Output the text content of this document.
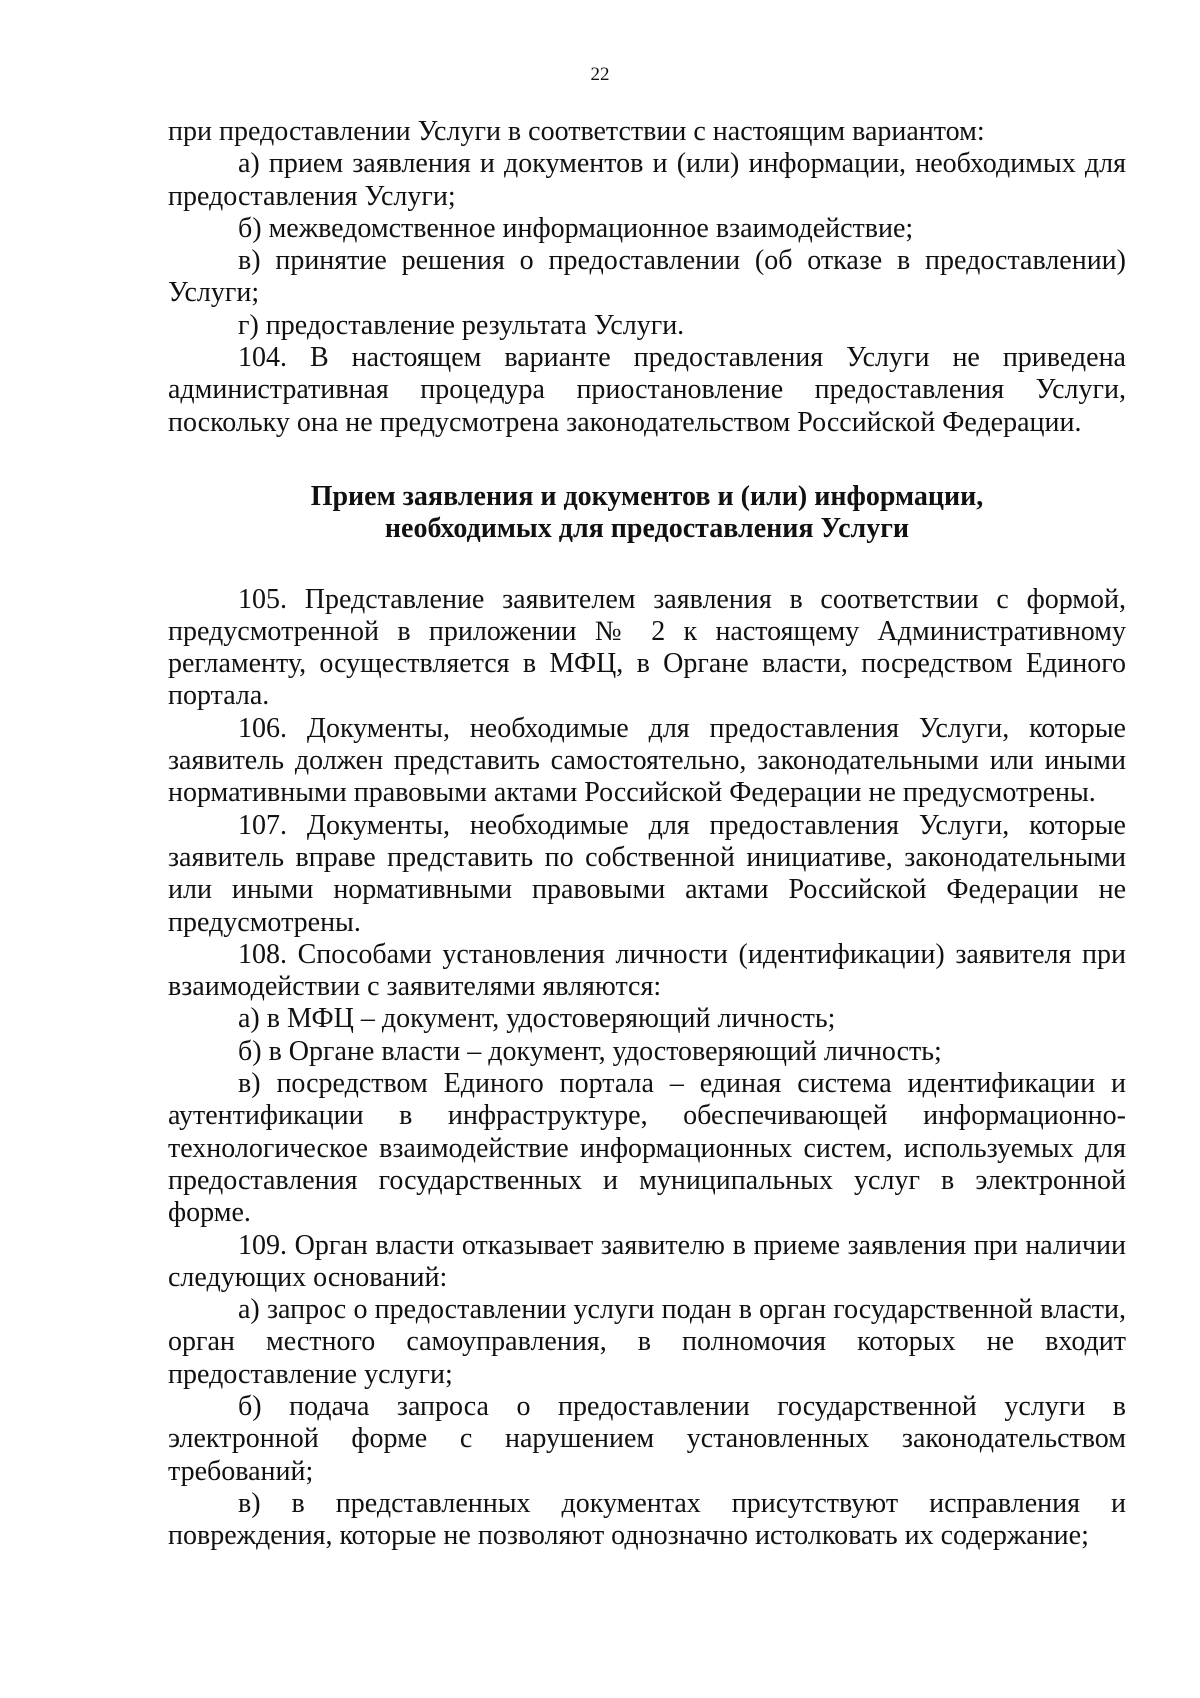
22

при предоставлении Услуги в соответствии с настоящим вариантом:

а) прием заявления и документов и (или) информации, необходимых для предоставления Услуги;

б) межведомственное информационное взаимодействие;

в) принятие решения о предоставлении (об отказе в предоставлении) Услуги;

г) предоставление результата Услуги.

104. В настоящем варианте предоставления Услуги не приведена административная процедура приостановление предоставления Услуги, поскольку она не предусмотрена законодательством Российской Федерации.

Прием заявления и документов и (или) информации,

необходимых для предоставления Услуги

105. Представление заявителем заявления в соответствии с формой, предусмотренной в приложении № 2 к настоящему Административному регламенту, осуществляется в МФЦ, в Органе власти, посредством Единого портала.

106. Документы, необходимые для предоставления Услуги, которые заявитель должен представить самостоятельно, законодательными или иными нормативными правовыми актами Российской Федерации не предусмотрены.

107. Документы, необходимые для предоставления Услуги, которые заявитель вправе представить по собственной инициативе, законодательными или иными нормативными правовыми актами Российской Федерации не предусмотрены.

108. Способами установления личности (идентификации) заявителя при взаимодействии с заявителями являются:

а) в МФЦ – документ, удостоверяющий личность;

б) в Органе власти – документ, удостоверяющий личность;

в) посредством Единого портала – единая система идентификации и аутентификации в инфраструктуре, обеспечивающей информационно-технологическое взаимодействие информационных систем, используемых для предоставления государственных и муниципальных услуг в электронной форме.

109. Орган власти отказывает заявителю в приеме заявления при наличии следующих оснований:

а) запрос о предоставлении услуги подан в орган государственной власти, орган местного самоуправления, в полномочия которых не входит предоставление услуги;

б) подача запроса о предоставлении государственной услуги в электронной форме с нарушением установленных законодательством требований;

в) в представленных документах присутствуют исправления и повреждения, которые не позволяют однозначно истолковать их содержание;
